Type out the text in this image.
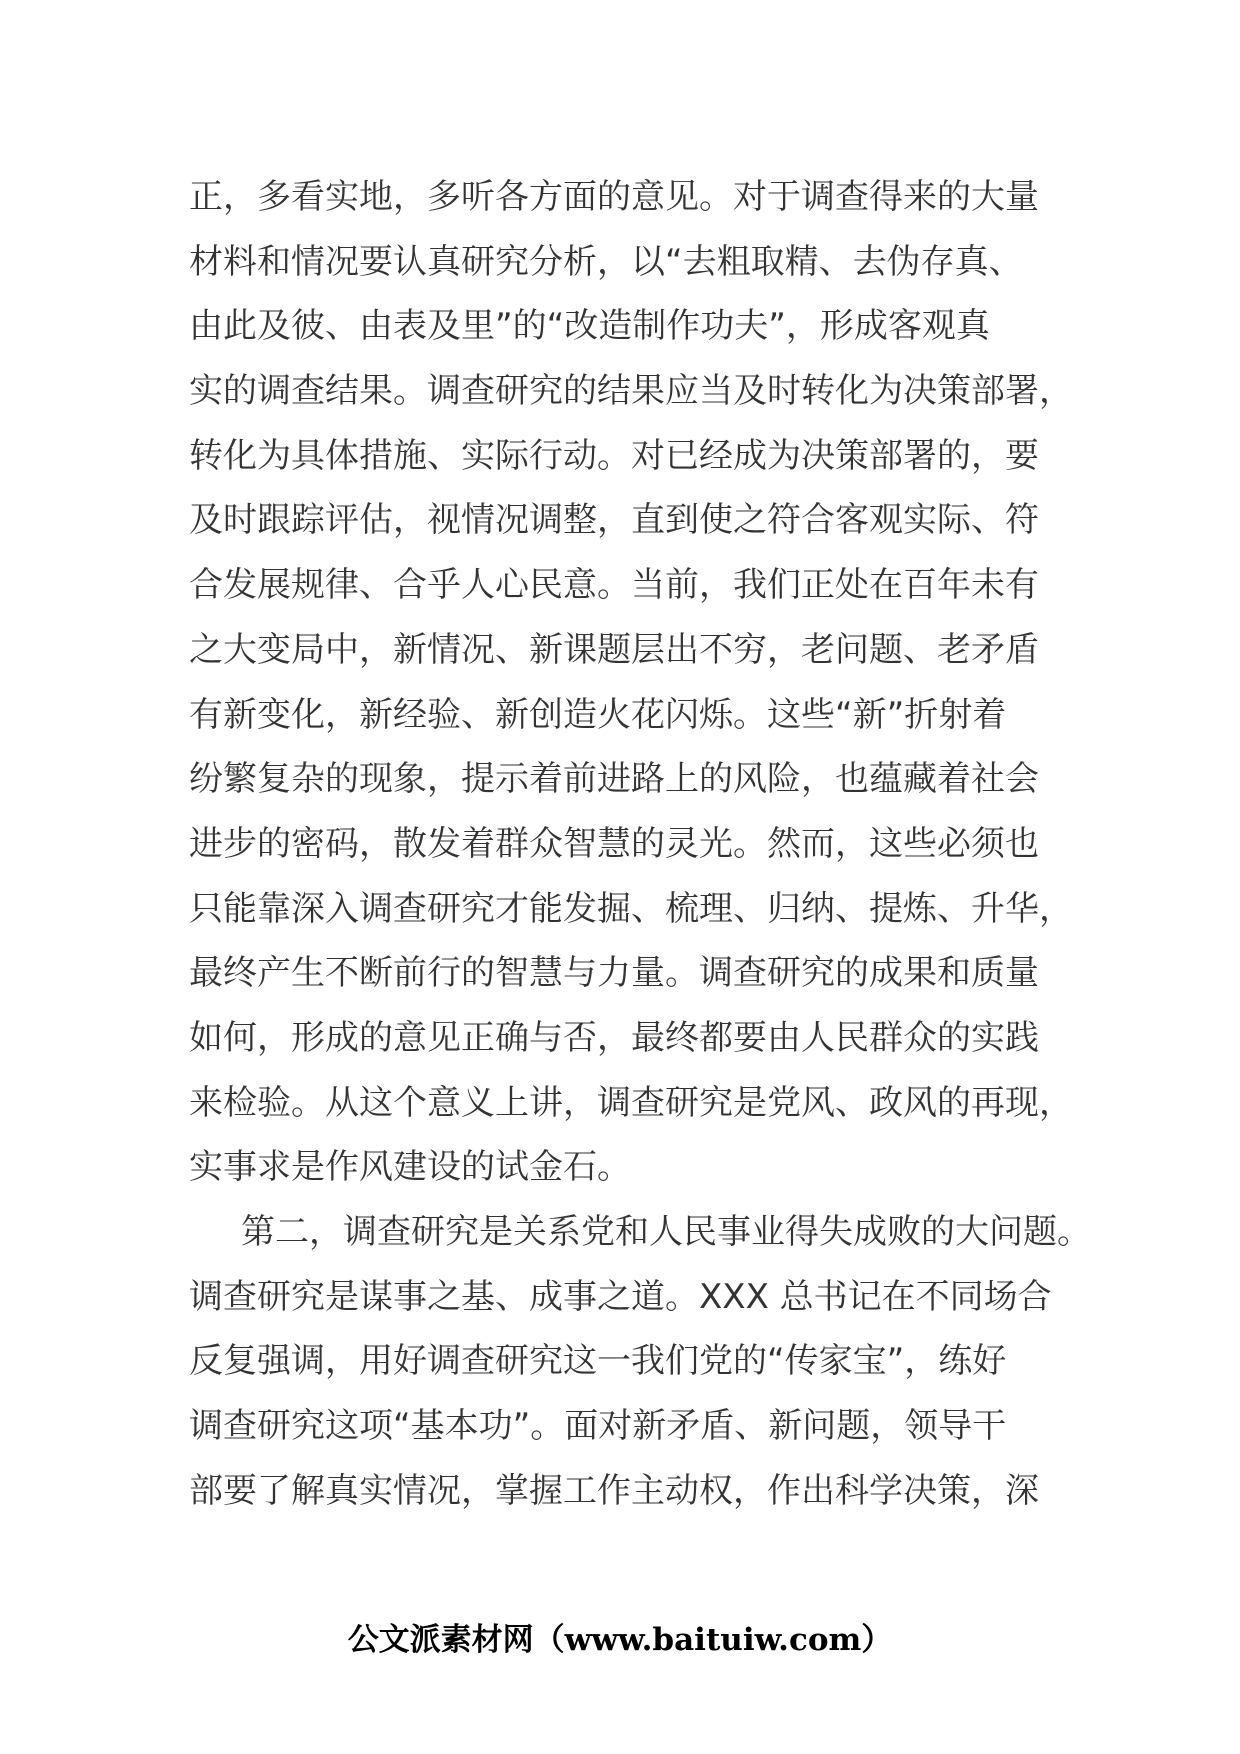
正，多看实地，多听各方面的意见。对于调查得来的大量
材料和情况要认真研究分析，以“去粗取精、去伪存真、
由此及彼、由表及里”的“改造制作功夫”，形成客观真
实的调查结果。调查研究的结果应当及时转化为决策部署，
转化为具体措施、实际行动。对已经成为决策部署的，要
及时跟踪评估，视情况调整，直到使之符合客观实际、符
合发展规律、合乎人心民意。当前，我们正处在百年未有
之大变局中，新情况、新课题层出不穷，老问题、老矛盾
有新变化，新经验、新创造火花闪烁。这些“新”折射着
纷繁复杂的现象，提示着前进路上的风险，也蕴藏着社会
进步的密码，散发着群众智慧的灵光。然而，这些必须也
只能靠深入调查研究才能发掘、梳理、归纳、提炼、升华，
最终产生不断前行的智慧与力量。调查研究的成果和质量
如何，形成的意见正确与否，最终都要由人民群众的实践
来检验。从这个意义上讲，调查研究是党风、政风的再现，
实事求是作风建设的试金石。
第二，调查研究是关系党和人民事业得失成败的大问题。
调查研究是谋事之基、成事之道。XXX 总书记在不同场合
反复强调，用好调查研究这一我们党的“传家宝”，练好
调查研究这项“基本功”。面对新矛盾、新问题，领导干
部要了解真实情况，掌握工作主动权，作出科学决策，深
公文派素材网（www.baituiw.com）
